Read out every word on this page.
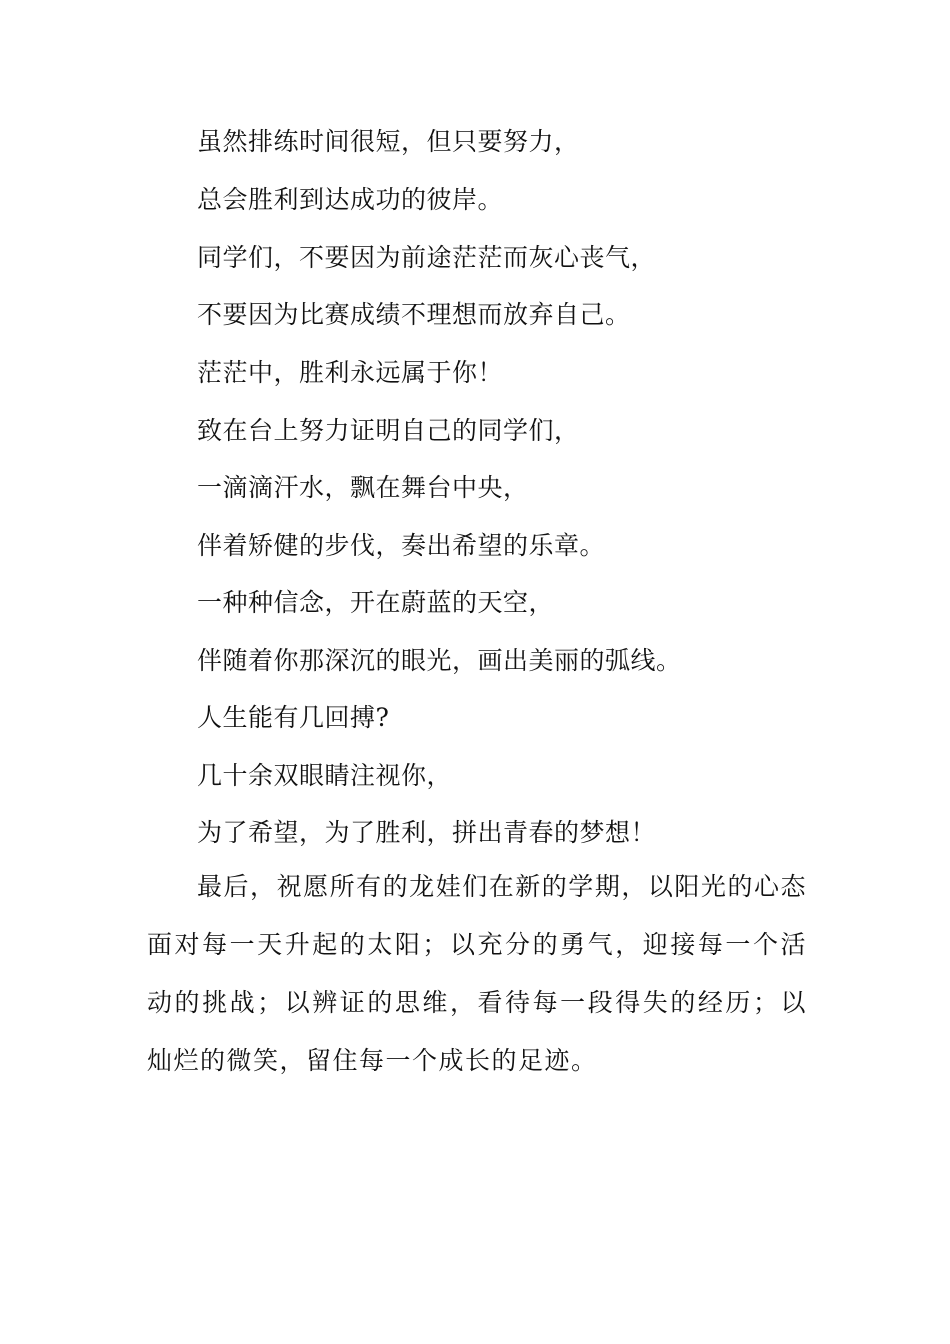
虽然排练时间很短，但只要努力，
总会胜利到达成功的彼岸。
同学们，不要因为前途茫茫而灰心丧气，
不要因为比赛成绩不理想而放弃自己。
茫茫中，胜利永远属于你！
致在台上努力证明自己的同学们，
一滴滴汗水，飘在舞台中央，
伴着矫健的步伐，奏出希望的乐章。
一种种信念，开在蔚蓝的天空，
伴随着你那深沉的眼光，画出美丽的弧线。
人生能有几回搏?
几十余双眼睛注视你，
为了希望，为了胜利，拼出青春的梦想！
最后，祝愿所有的龙娃们在新的学期，以阳光的心态面对每一天升起的太阳；以充分的勇气，迎接每一个活动的挑战；以辨证的思维，看待每一段得失的经历；以灿烂的微笑，留住每一个成长的足迹。
